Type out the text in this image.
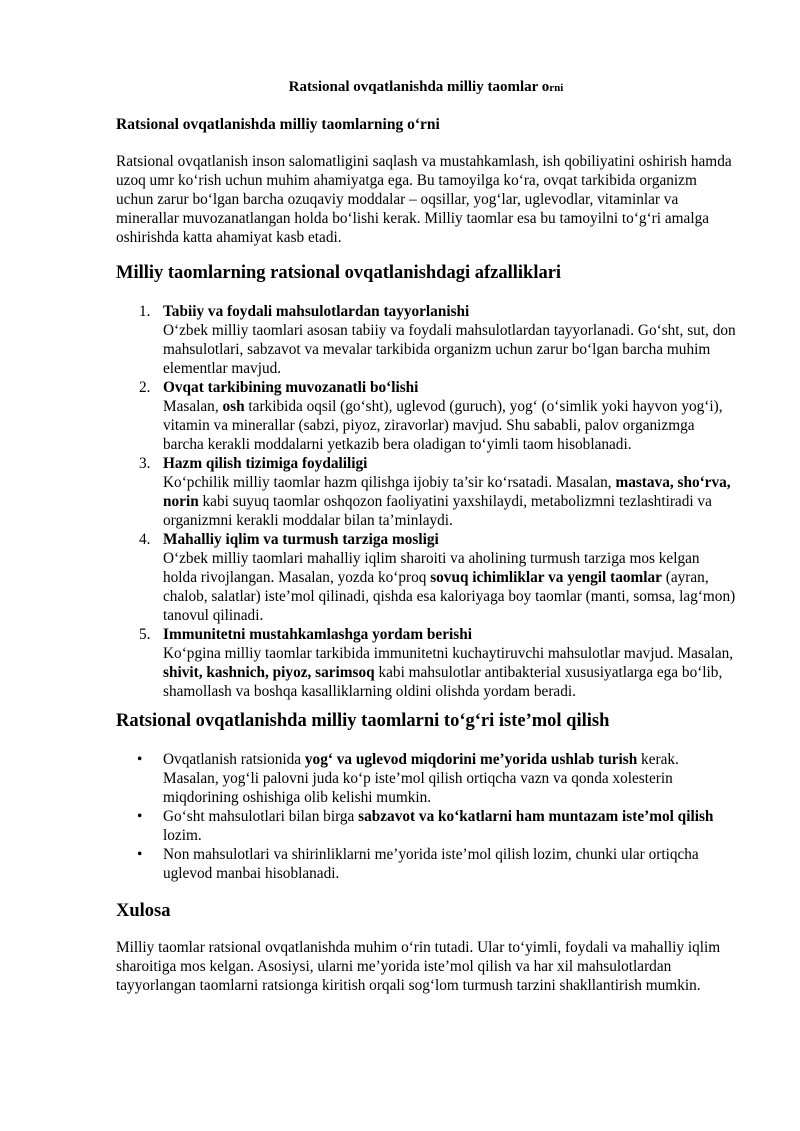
Ratsional ovqatlanishda milliy taomlar orni

Ratsional ovqatlanishda milliy taomlarning o‘rni

Ratsional ovqatlanish inson salomatligini saqlash va mustahkamlash, ish qobiliyatini oshirish hamda uzoq umr ko‘rish uchun muhim ahamiyatga ega. Bu tamoyilga ko‘ra, ovqat tarkibida organizm uchun zarur bo‘lgan barcha ozuqaviy moddalar – oqsillar, yog‘lar, uglevodlar, vitaminlar va minerallar muvozanatlangan holda bo‘lishi kerak. Milliy taomlar esa bu tamoyilni to‘g‘ri amalga oshirishda katta ahamiyat kasb etadi.

Milliy taomlarning ratsional ovqatlanishdagi afzalliklari
1. Tabiiy va foydali mahsulotlardan tayyorlanishi
O‘zbek milliy taomlari asosan tabiiy va foydali mahsulotlardan tayyorlanadi. Go‘sht, sut, don mahsulotlari, sabzavot va mevalar tarkibida organizm uchun zarur bo‘lgan barcha muhim elementlar mavjud.
2. Ovqat tarkibining muvozanatli bo‘lishi
Masalan, osh tarkibida oqsil (go‘sht), uglevod (guruch), yog‘ (o‘simlik yoki hayvon yog‘i), vitamin va minerallar (sabzi, piyoz, ziravorlar) mavjud. Shu sababli, palov organizmga barcha kerakli moddalarni yetkazib bera oladigan to‘yimli taom hisoblanadi.
3. Hazm qilish tizimiga foydaliligi
Ko‘pchilik milliy taomlar hazm qilishga ijobiy ta’sir ko‘rsatadi. Masalan, mastava, sho‘rva, norin kabi suyuq taomlar oshqozon faoliyatini yaxshilaydi, metabolizmni tezlashtiradi va organizmni kerakli moddalar bilan ta’minlaydi.
4. Mahalliy iqlim va turmush tarziga mosligi
O‘zbek milliy taomlari mahalliy iqlim sharoiti va aholining turmush tarziga mos kelgan holda rivojlangan. Masalan, yozda ko‘proq sovuq ichimliklar va yengil taomlar (ayran, chalob, salatlar) iste’mol qilinadi, qishda esa kaloriyaga boy taomlar (manti, somsa, lag‘mon) tanovul qilinadi.
5. Immunitetni mustahkamlashga yordam berishi
Ko‘pgina milliy taomlar tarkibida immunitetni kuchaytiruvchi mahsulotlar mavjud. Masalan, shivit, kashnich, piyoz, sarimsoq kabi mahsulotlar antibakterial xususiyatlarga ega bo‘lib, shamollash va boshqa kasalliklarning oldini olishda yordam beradi.
Ratsional ovqatlanishda milliy taomlarni to‘g‘ri iste’mol qilish
• Ovqatlanish ratsionida yog‘ va uglevod miqdorini me’yorida ushlab turish kerak. Masalan, yog‘li palovni juda ko‘p iste’mol qilish ortiqcha vazn va qonda xolesterin miqdorining oshishiga olib kelishi mumkin.
• Go‘sht mahsulotlari bilan birga sabzavot va ko‘katlarni ham muntazam iste’mol qilish lozim.
• Non mahsulotlari va shirinliklarni me’yorida iste’mol qilish lozim, chunki ular ortiqcha uglevod manbai hisoblanadi.
Xulosa

Milliy taomlar ratsional ovqatlanishda muhim o‘rin tutadi. Ular to‘yimli, foydali va mahalliy iqlim sharoitiga mos kelgan. Asosiysi, ularni me’yorida iste’mol qilish va har xil mahsulotlardan tayyorlangan taomlarni ratsionga kiritish orqali sog‘lom turmush tarzini shakllantirish mumkin.
